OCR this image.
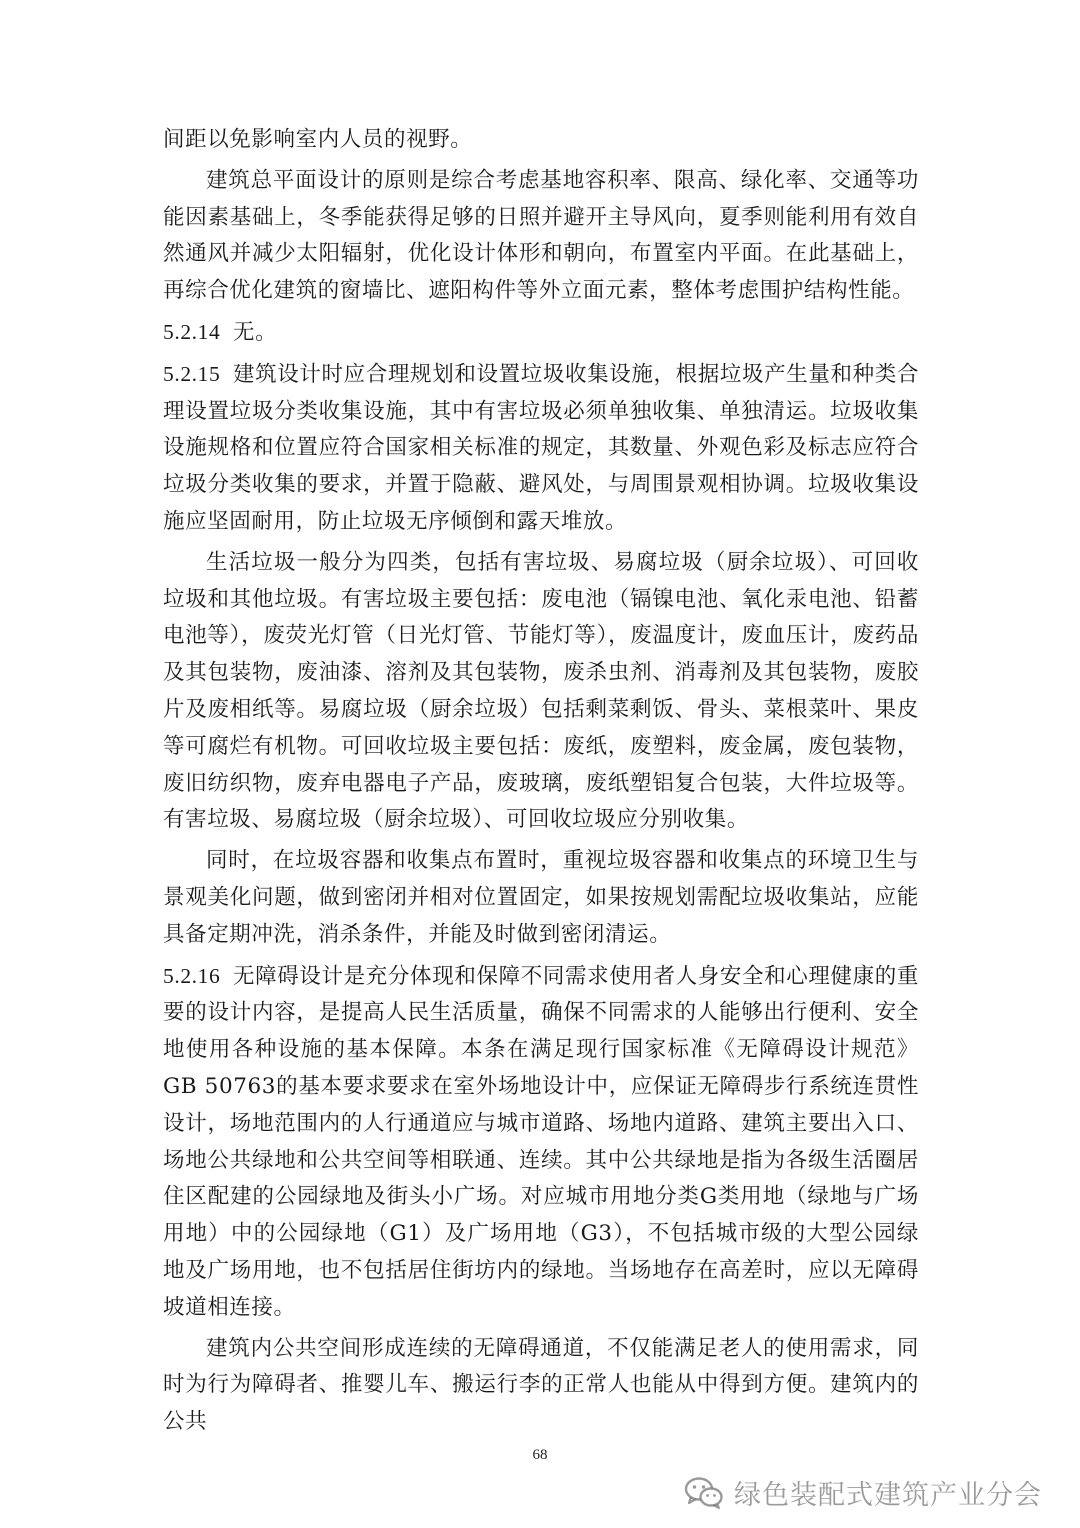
间距以免影响室内人员的视野。

建筑总平面设计的原则是综合考虑基地容积率、限高、绿化率、交通等功能因素基础上，冬季能获得足够的日照并避开主导风向，夏季则能利用有效自然通风并减少太阳辐射，优化设计体形和朝向，布置室内平面。在此基础上，再综合优化建筑的窗墙比、遮阳构件等外立面元素，整体考虑围护结构性能。

5.2.14 无。

5.2.15 建筑设计时应合理规划和设置垃圾收集设施，根据垃圾产生量和种类合理设置垃圾分类收集设施，其中有害垃圾必须单独收集、单独清运。垃圾收集设施规格和位置应符合国家相关标准的规定，其数量、外观色彩及标志应符合垃圾分类收集的要求，并置于隐蔽、避风处，与周围景观相协调。垃圾收集设施应坚固耐用，防止垃圾无序倾倒和露天堆放。

生活垃圾一般分为四类，包括有害垃圾、易腐垃圾（厨余垃圾）、可回收垃圾和其他垃圾。有害垃圾主要包括：废电池（镉镍电池、氧化汞电池、铅蓄电池等），废荧光灯管（日光灯管、节能灯等），废温度计，废血压计，废药品及其包装物，废油漆、溶剂及其包装物，废杀虫剂、消毒剂及其包装物，废胶片及废相纸等。易腐垃圾（厨余垃圾）包括剩菜剩饭、骨头、菜根菜叶、果皮等可腐烂有机物。可回收垃圾主要包括：废纸，废塑料，废金属，废包装物，废旧纺织物，废弃电器电子产品，废玻璃，废纸塑铝复合包装，大件垃圾等。有害垃圾、易腐垃圾（厨余垃圾）、可回收垃圾应分别收集。

同时，在垃圾容器和收集点布置时，重视垃圾容器和收集点的环境卫生与景观美化问题，做到密闭并相对位置固定，如果按规划需配垃圾收集站，应能具备定期冲洗，消杀条件，并能及时做到密闭清运。

5.2.16 无障碍设计是充分体现和保障不同需求使用者人身安全和心理健康的重要的设计内容，是提高人民生活质量，确保不同需求的人能够出行便利、安全地使用各种设施的基本保障。本条在满足现行国家标准《无障碍设计规范》GB 50763的基本要求要求在室外场地设计中，应保证无障碍步行系统连贯性设计，场地范围内的人行通道应与城市道路、场地内道路、建筑主要出入口、场地公共绿地和公共空间等相联通、连续。其中公共绿地是指为各级生活圈居住区配建的公园绿地及街头小广场。对应城市用地分类G类用地（绿地与广场用地）中的公园绿地（G1）及广场用地（G3），不包括城市级的大型公园绿地及广场用地，也不包括居住街坊内的绿地。当场地存在高差时，应以无障碍坡道相连接。

建筑内公共空间形成连续的无障碍通道，不仅能满足老人的使用需求，同时为行为障碍者、推婴儿车、搬运行李的正常人也能从中得到方便。建筑内的公共

68
绿色装配式建筑产业分会
